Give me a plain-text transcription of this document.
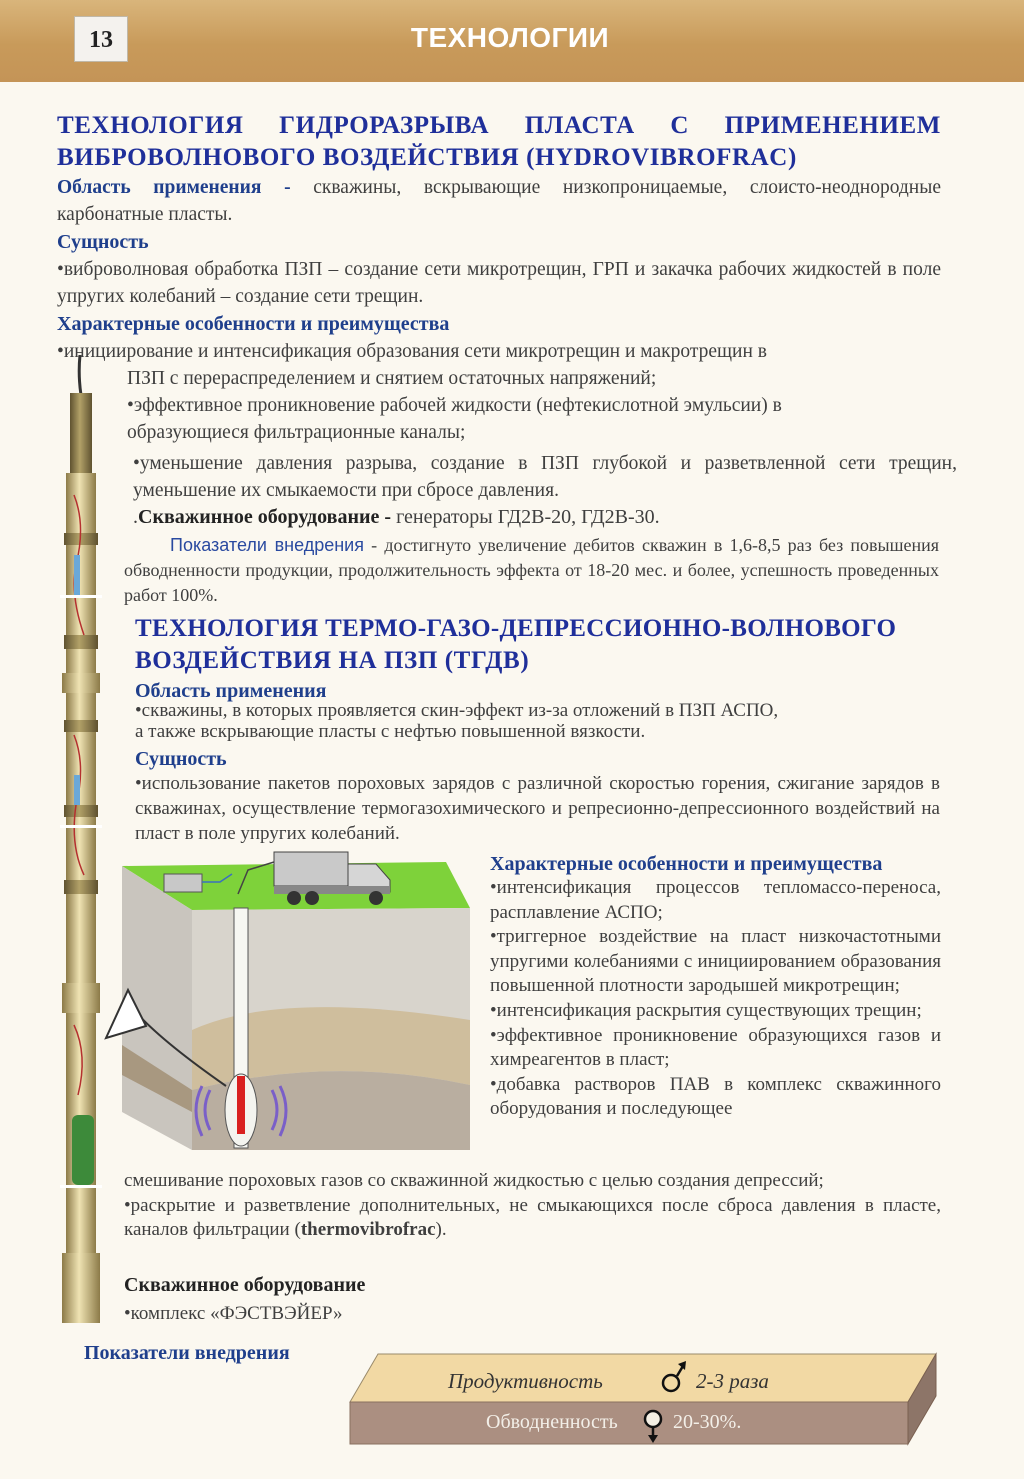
13	ТЕХНОЛОГИИ
ТЕХНОЛОГИЯ ГИДРОРАЗРЫВА ПЛАСТА С ПРИМЕНЕНИЕМ
ВИБРОВОЛНОВОГО ВОЗДЕЙСТВИЯ (HYDROVIBROFRAC)
Область применения - скважины, вскрывающие низкопроницаемые, слоисто-неоднородные карбонатные пласты.
Сущность
•вибровoлновая обработка ПЗП – создание сети микротрещин, ГРП и закачка рабочих жидкостей в поле упругих колебаний – создание сети трещин.
Характерные особенности и преимущества
•инициирование и интенсификация образования сети микротрещин и макротрещин в
ПЗП с перераспределением и снятием остаточных напряжений;
•эффективное проникновение рабочей жидкости (нефтекислотной эмульсии) в образующиеся фильтрационные каналы;
•уменьшение давления разрыва, создание в ПЗП глубокой и разветвленной сети трещин, уменьшение их смыкаемости при сбросе давления.
.Скважинное оборудование - генераторы ГД2В-20, ГД2В-30.
Показатели внедрения - достигнуто увеличение дебитов скважин в 1,6-8,5 раз без повышения обводненности продукции, продолжительность эффекта от 18-20 мес. и более, успешность проведенных работ 100%.
ТЕХНОЛОГИЯ ТЕРМО-ГАЗО-ДЕПРЕССИОННО-ВОЛНОВОГО
ВОЗДЕЙСТВИЯ НА ПЗП (ТГДВ)
Область применения
•скважины, в которых проявляется скин-эффект из-за отложений в ПЗП АСПО,
а также вскрывающие пласты с нефтью повышенной вязкости.
Сущность
•использование пакетов пороховых зарядов с различной скоростью горения, сжигание зарядов в скважинах, осуществление термогазохимического и репресионно-депрессионного воздействий на пласт в поле упругих колебаний.
Характерные особенности и преимущества
•интенсификация процессов тепломассо-переноса, расплавление АСПО;
•триггерное воздействие на пласт низкочастотными упругими колебаниями с инициированием образования повышенной плотности зародышей микротрещин;
•интенсификация раскрытия существующих трещин;
•эффективное проникновение образующихся газов и химреагентов в пласт;
•добавка растворов ПАВ в комплекс скважинного оборудования и последующее
смешивание пороховых газов со скважинной жидкостью с целью создания депрессий;
•раскрытие и разветвление дополнительных, не смыкающихся после сброса давления в пласте, каналов фильтрации (thermovibrofrac).
Скважинное оборудование
•комплекс «ФЭСТВЭЙЕР»
Показатели внедрения
Продуктивность	2-3 раза
Обводненность	20-30%.
